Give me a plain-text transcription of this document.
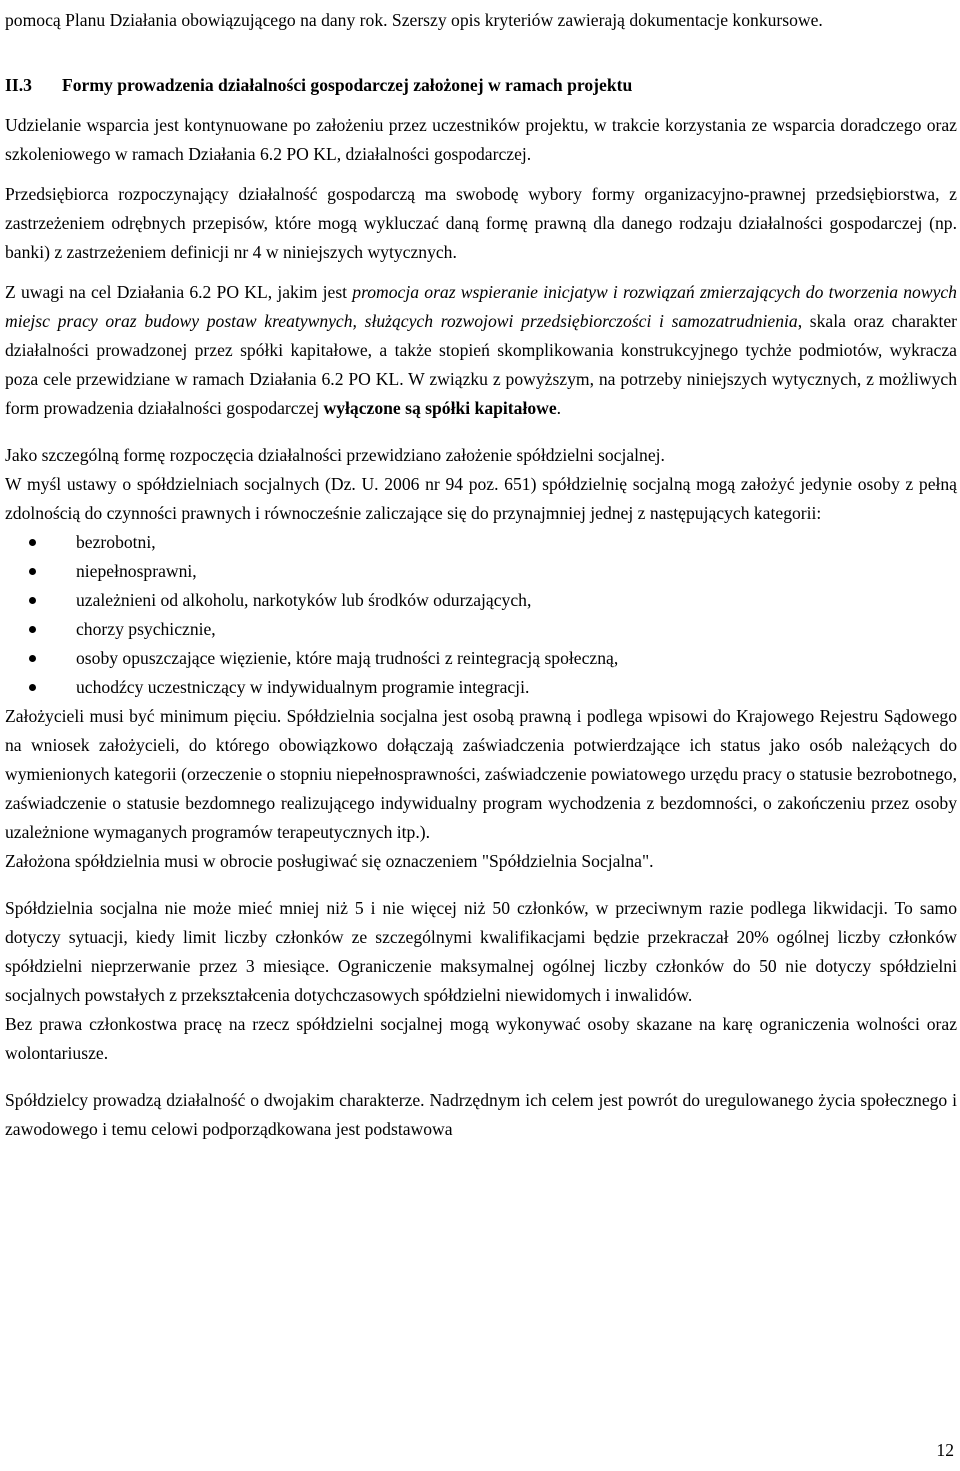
pomocą Planu Działania obowiązującego na dany rok. Szerszy opis kryteriów zawierają dokumentacje konkursowe.

II.3	Formy prowadzenia działalności gospodarczej założonej w ramach projektu

Udzielanie wsparcia jest kontynuowane po założeniu przez uczestników projektu, w trakcie korzystania ze wsparcia doradczego oraz szkoleniowego w ramach Działania 6.2 PO KL, działalności gospodarczej.

Przedsiębiorca rozpoczynający działalność gospodarczą ma swobodę wybory formy organizacyjno-prawnej przedsiębiorstwa, z zastrzeżeniem odrębnych przepisów, które mogą wykluczać daną formę prawną dla danego rodzaju działalności gospodarczej (np. banki) z zastrzeżeniem definicji nr 4 w niniejszych wytycznych.

Z uwagi na cel Działania 6.2 PO KL, jakim jest promocja oraz wspieranie inicjatyw i rozwiązań zmierzających do tworzenia nowych miejsc pracy oraz budowy postaw kreatywnych, służących rozwojowi przedsiębiorczości i samozatrudnienia, skala oraz charakter działalności prowadzonej przez spółki kapitałowe, a także stopień skomplikowania konstrukcyjnego tychże podmiotów, wykracza poza cele przewidziane w ramach Działania 6.2 PO KL. W związku z powyższym, na potrzeby niniejszych wytycznych, z możliwych form prowadzenia działalności gospodarczej wyłączone są spółki kapitałowe.

Jako szczególną formę rozpoczęcia działalności przewidziano założenie spółdzielni socjalnej.

W myśl ustawy o spółdzielniach socjalnych (Dz. U. 2006 nr 94 poz. 651) spółdzielnię socjalną mogą założyć jedynie osoby z pełną zdolnością do czynności prawnych i równocześnie zaliczające się do przynajmniej jednej z następujących kategorii:

bezrobotni,
niepełnosprawni,
uzależnieni od alkoholu, narkotyków lub środków odurzających,
chorzy psychicznie,
osoby opuszczające więzienie, które mają trudności z reintegracją społeczną,
uchodźcy uczestniczący w indywidualnym programie integracji.

Założycieli musi być minimum pięciu. Spółdzielnia socjalna jest osobą prawną i podlega wpisowi do Krajowego Rejestru Sądowego na wniosek założycieli, do którego obowiązkowo dołączają zaświadczenia potwierdzające ich status jako osób należących do wymienionych kategorii (orzeczenie o stopniu niepełnosprawności, zaświadczenie powiatowego urzędu pracy o statusie bezrobotnego, zaświadczenie o statusie bezdomnego realizującego indywidualny program wychodzenia z bezdomności, o zakończeniu przez osoby uzależnione wymaganych programów terapeutycznych itp.).

Założona spółdzielnia musi w obrocie posługiwać się oznaczeniem "Spółdzielnia Socjalna".

Spółdzielnia socjalna nie może mieć mniej niż 5 i nie więcej niż 50 członków, w przeciwnym razie podlega likwidacji. To samo dotyczy sytuacji, kiedy limit liczby członków ze szczególnymi kwalifikacjami będzie przekraczał 20% ogólnej liczby członków spółdzielni nieprzerwanie przez 3 miesiące. Ograniczenie maksymalnej ogólnej liczby członków do 50 nie dotyczy spółdzielni socjalnych powstałych z przekształcenia dotychczasowych spółdzielni niewidomych i inwalidów.

Bez prawa członkostwa pracę na rzecz spółdzielni socjalnej mogą wykonywać osoby skazane na karę ograniczenia wolności oraz wolontariusze.

Spółdzielcy prowadzą działalność o dwojakim charakterze. Nadrzędnym ich celem jest powrót do uregulowanego życia społecznego i zawodowego i temu celowi podporządkowana jest podstawowa

12
